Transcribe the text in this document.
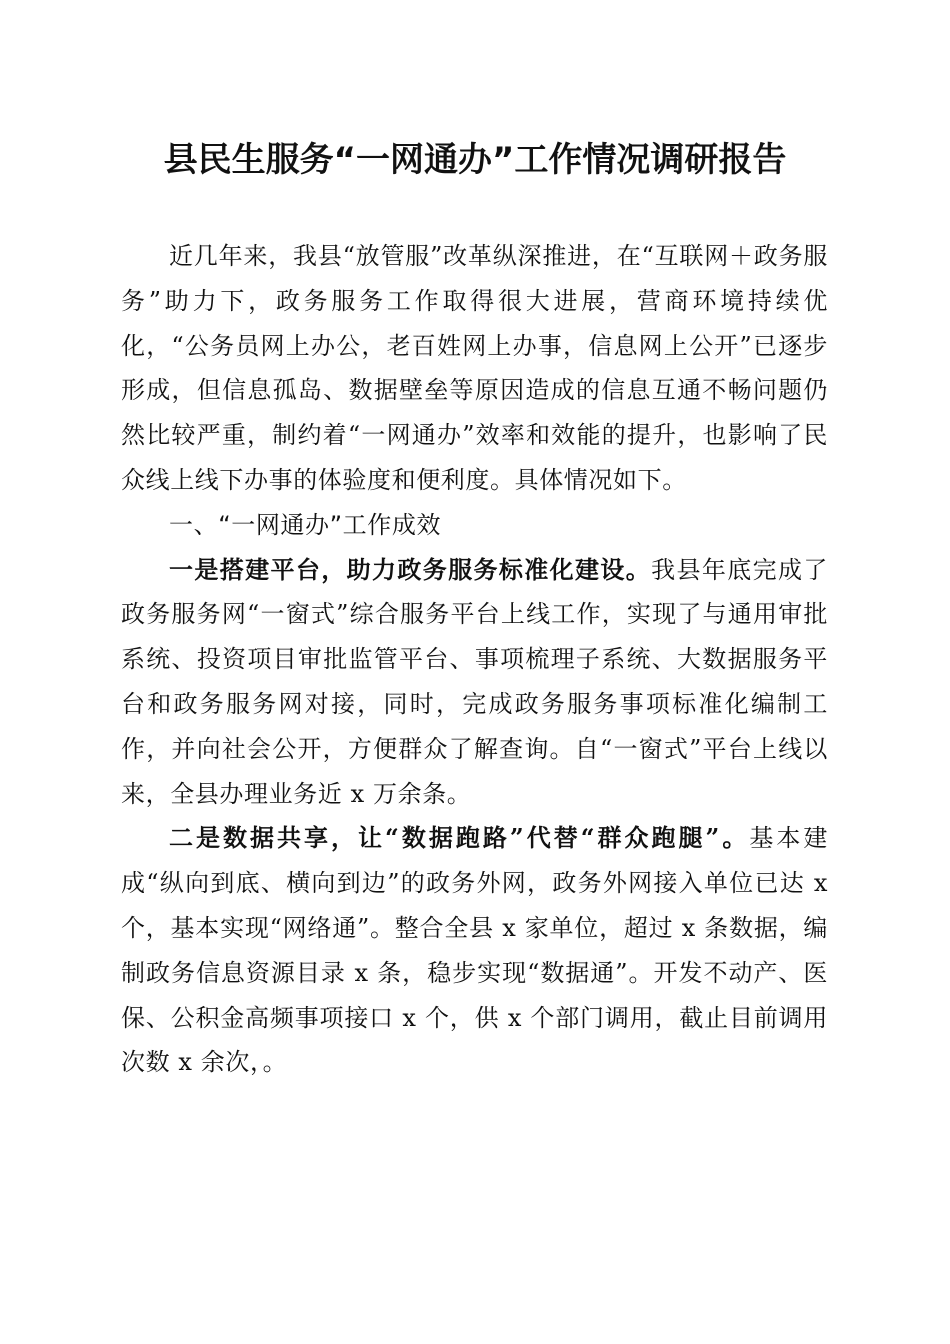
县民生服务“一网通办”工作情况调研报告

近几年来，我县“放管服”改革纵深推进，在“互联网＋政务服务”助力下，政务服务工作取得很大进展，营商环境持续优化，“公务员网上办公，老百姓网上办事，信息网上公开”已逐步形成，但信息孤岛、数据壁垒等原因造成的信息互通不畅问题仍然比较严重，制约着“一网通办”效率和效能的提升，也影响了民众线上线下办事的体验度和便利度。具体情况如下。

一、“一网通办”工作成效

一是搭建平台，助力政务服务标准化建设。我县年底完成了政务服务网“一窗式”综合服务平台上线工作，实现了与通用审批系统、投资项目审批监管平台、事项梳理子系统、大数据服务平台和政务服务网对接，同时，完成政务服务事项标准化编制工作，并向社会公开，方便群众了解查询。自“一窗式”平台上线以来，全县办理业务近 x 万余条。

二是数据共享，让“数据跑路”代替“群众跑腿”。基本建成“纵向到底、横向到边”的政务外网，政务外网接入单位已达 x 个，基本实现“网络通”。整合全县 x 家单位，超过 x 条数据，编制政务信息资源目录 x 条，稳步实现“数据通”。开发不动产、医保、公积金高频事项接口 x 个，供 x 个部门调用，截止目前调用次数 x 余次，。
